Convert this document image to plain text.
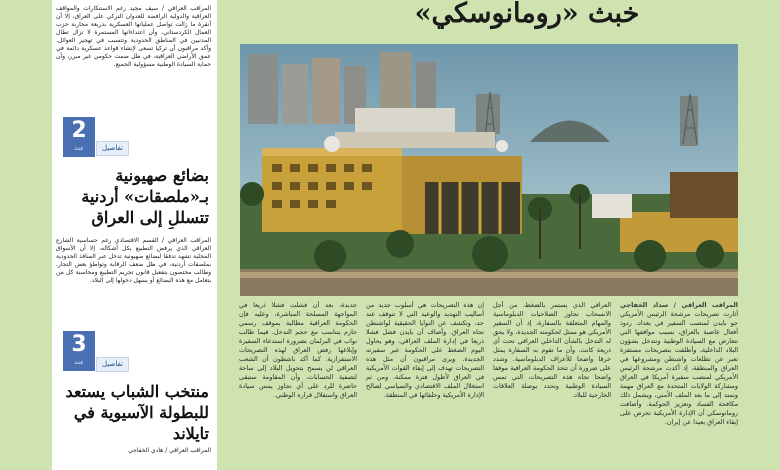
المراقب العراقي / سيف مجيد رغم الاستنكارات والمواقف العراقية والدولية الرافضة للعدوان التركي على العراق، إلا أن أنقرة ما زالت تواصل عملياتها العسكرية بذريعة محاربة حزب العمال الكردستاني، وأن اعتداءاتها المستمرة لا تزال تطال المدنيين في المناطق الحدودية وتتسبب في تهجير العوائل. وأكد مراقبون أن تركيا تسعى لإنشاء قواعد عسكرية دائمة في عمق الأراضي العراقية، في ظل صمت حكومي غير مبرر، وأن حماية السيادة الوطنية مسؤولية الجميع.

2
عدد	تفاصيل
بضائع صهيونية بـ«ملصقات» أردنية تتسلل إلى العراق

المراقب العراقي / القسم الاقتصادي رغم حساسية الشارع العراقي الذي يرفض التطبيع بكل أشكاله، إلا أن الأسواق المحلية تشهد تدفقا لبضائع صهيونية تدخل عبر المنافذ الحدودية بملصقات أردنية، في ظل ضعف الرقابة وتواطؤ بعض التجار. وطالب مختصون بتفعيل قانون تجريم التطبيع ومحاسبة كل من يتعامل مع هذه البضائع أو يسهل دخولها إلى البلاد.

3
عدد	تفاصيل
منتخب الشباب يستعد للبطولة الآسيوية في تايلاند

المراقب العراقي / هادي الخفاجي

خبث «رومانوسكي»
المراقب العراقي / سداد الخفاجي أثارت تصريحات مرشحة الرئيس الأمريكي جو بايدن لمنصب السفير في بغداد، ردود أفعال غاضبة بالعراق، بسبب مواقفها التي تتعارض مع السيادة الوطنية وتتدخل بشؤون البلاد الداخلية، وأطلقت بتصريحات مستفزة تعبر عن تطلعات واشنطن ومشروعها في العراق والمنطقة، إذ أكدت مرشحة الرئيس الأمريكي لمنصب سفيرة أمريكا في العراق ومشاركة الولايات المتحدة مع العراق مهمة وتمتد إلى ما بعد الملف الأمني، ويشمل ذلك مكافحة الفساد وتعزيز الحوكمة. وأضافت رومانوسكي أن الإدارة الأمريكية تحرص على إبقاء العراق بعيدا عن إيران.
العراقي الذي يستمر بالضغط، من أجل الانسحاب تجاوز الصلاحيات الدبلوماسية والمهام المتعلقة بالسفارة، إذ أن السفير الأمريكي هو ممثل لحكومته الجديدة، ولا يحق له التدخل بالشأن الداخلي العراقي تحت أي ذريعة كانت، وأن ما تقوم به السفارة يمثل خرقا واضحا للأعراف الدبلوماسية. وشدد على ضرورة أن تتخذ الحكومة العراقية موقفا واضحا تجاه هذه التصريحات التي تمس السيادة الوطنية وتحدد بوصلة العلاقات الخارجية للبلاد.
إن هذه التصريحات هي أسلوب جديد من أساليب التهديد والوعيد التي لا تتوقف عند حد، وتكشف عن النوايا الحقيقية لواشنطن تجاه العراق. وأضاف أن بايدن فشل فشلا ذريعا في إدارة الملف العراقي، وهو يحاول اليوم الضغط على الحكومة عبر سفيرته الجديدة. ويرى مراقبون أن مثل هذه التصريحات تهدف إلى إبقاء القوات الأمريكية في العراق لأطول فترة ممكنة، ومن ثم استغلال الملف الاقتصادي والسياسي لصالح الإدارة الأمريكية وحلفائها في المنطقة.
جديدة، بعد أن فشلت فشلا ذريعا في المواجهة المسلحة المباشرة، وعليه فإن الحكومة العراقية مطالبة بموقف رسمي حازم يتناسب مع حجم التدخل، فيما طالب نواب في البرلمان بضرورة استدعاء السفيرة وإبلاغها رفض العراق لهذه التصريحات الاستفزازية. كما أكد ناشطون أن الشعب العراقي لن يسمح بتحويل البلاد إلى ساحة لتصفية الحسابات، وأن المقاومة ستبقى حاضرة للرد على أي تجاوز يمس سيادة العراق واستقلال قراره الوطني.
